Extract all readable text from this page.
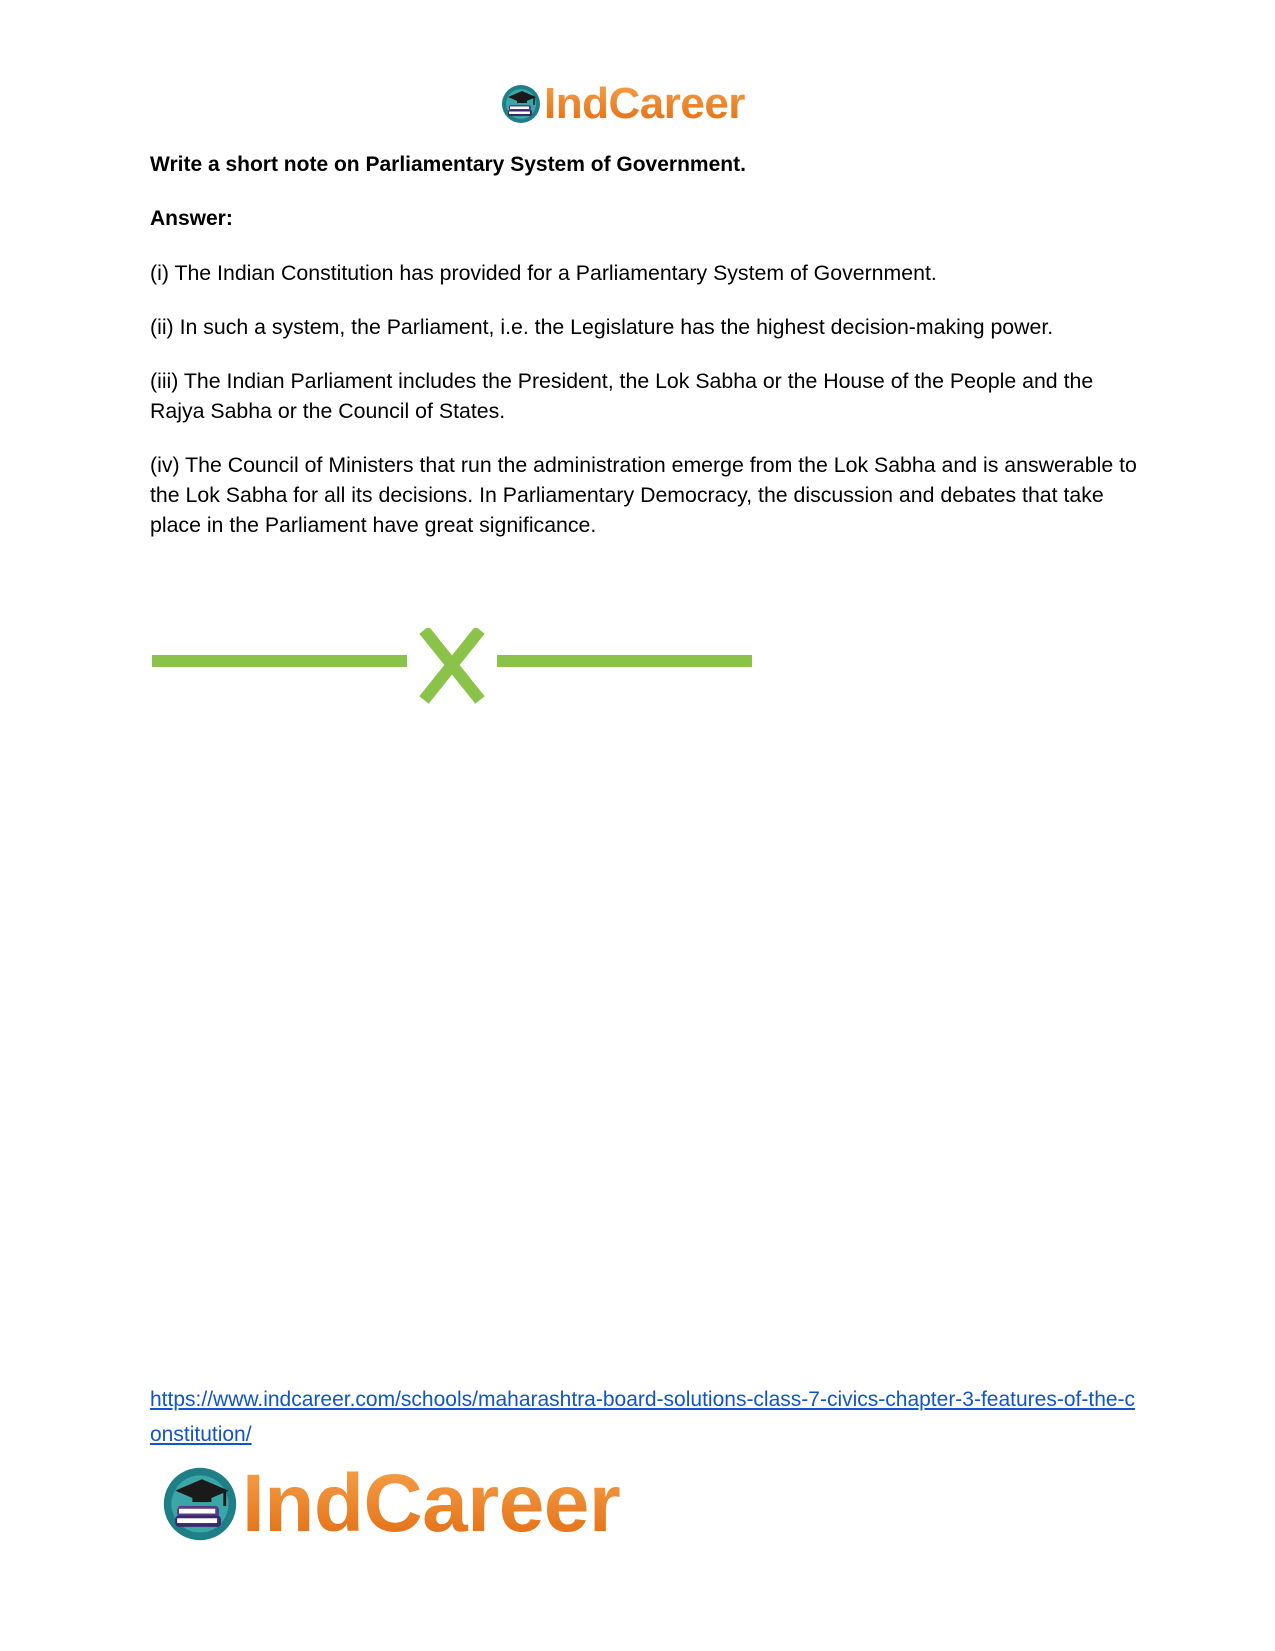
IndCareer
Write a short note on Parliamentary System of Government.
Answer:
(i) The Indian Constitution has provided for a Parliamentary System of Government.
(ii) In such a system, the Parliament, i.e. the Legislature has the highest decision-making power.
(iii) The Indian Parliament includes the President, the Lok Sabha or the House of the People and the Rajya Sabha or the Council of States.
(iv) The Council of Ministers that run the administration emerge from the Lok Sabha and is answerable to the Lok Sabha for all its decisions. In Parliamentary Democracy, the discussion and debates that take place in the Parliament have great significance.
https://www.indcareer.com/schools/maharashtra-board-solutions-class-7-civics-chapter-3-features-of-the-constitution/
IndCareer
